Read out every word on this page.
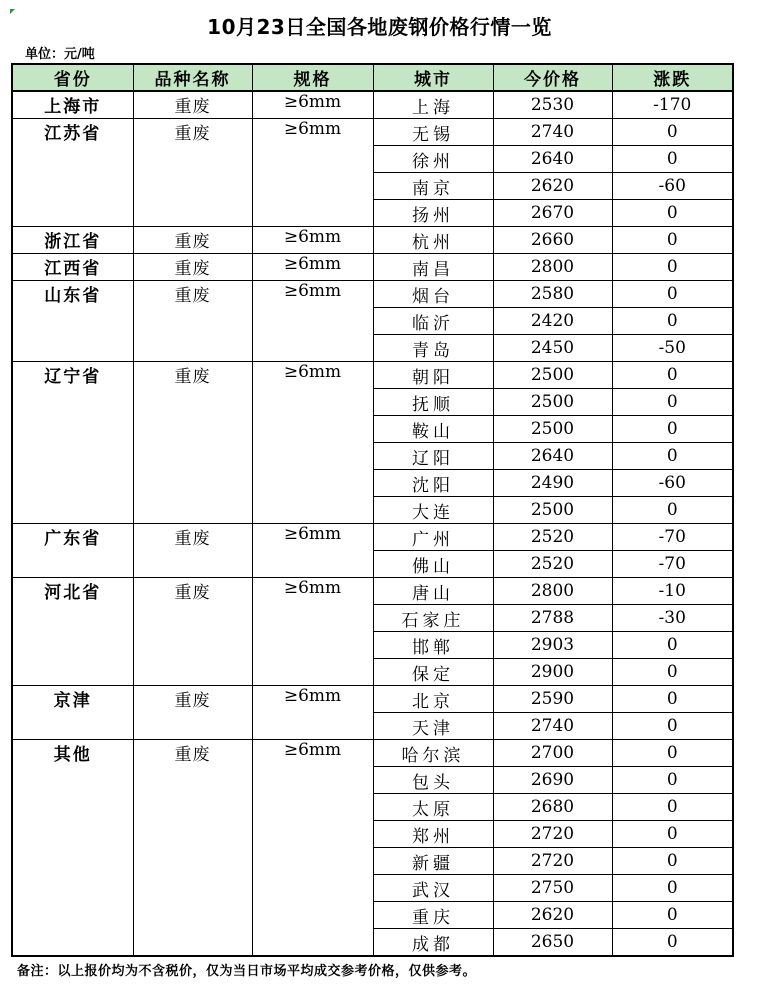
10月23日全国各地废钢价格行情一览
单位：元/吨
省份	品种名称	规格	城市	今价格	涨跌
上海市	重废	≥6mm	上海	2530	-170
江苏省	重废	≥6mm	无锡	2740	0
			徐州	2640	0
			南京	2620	-60
			扬州	2670	0
浙江省	重废	≥6mm	杭州	2660	0
江西省	重废	≥6mm	南昌	2800	0
山东省	重废	≥6mm	烟台	2580	0
			临沂	2420	0
			青岛	2450	-50
辽宁省	重废	≥6mm	朝阳	2500	0
			抚顺	2500	0
			鞍山	2500	0
			辽阳	2640	0
			沈阳	2490	-60
			大连	2500	0
广东省	重废	≥6mm	广州	2520	-70
			佛山	2520	-70
河北省	重废	≥6mm	唐山	2800	-10
			石家庄	2788	-30
			邯郸	2903	0
			保定	2900	0
京津	重废	≥6mm	北京	2590	0
			天津	2740	0
其他	重废	≥6mm	哈尔滨	2700	0
			包头	2690	0
			太原	2680	0
			郑州	2720	0
			新疆	2720	0
			武汉	2750	0
			重庆	2620	0
			成都	2650	0
备注：以上报价均为不含税价，仅为当日市场平均成交参考价格，仅供参考。
